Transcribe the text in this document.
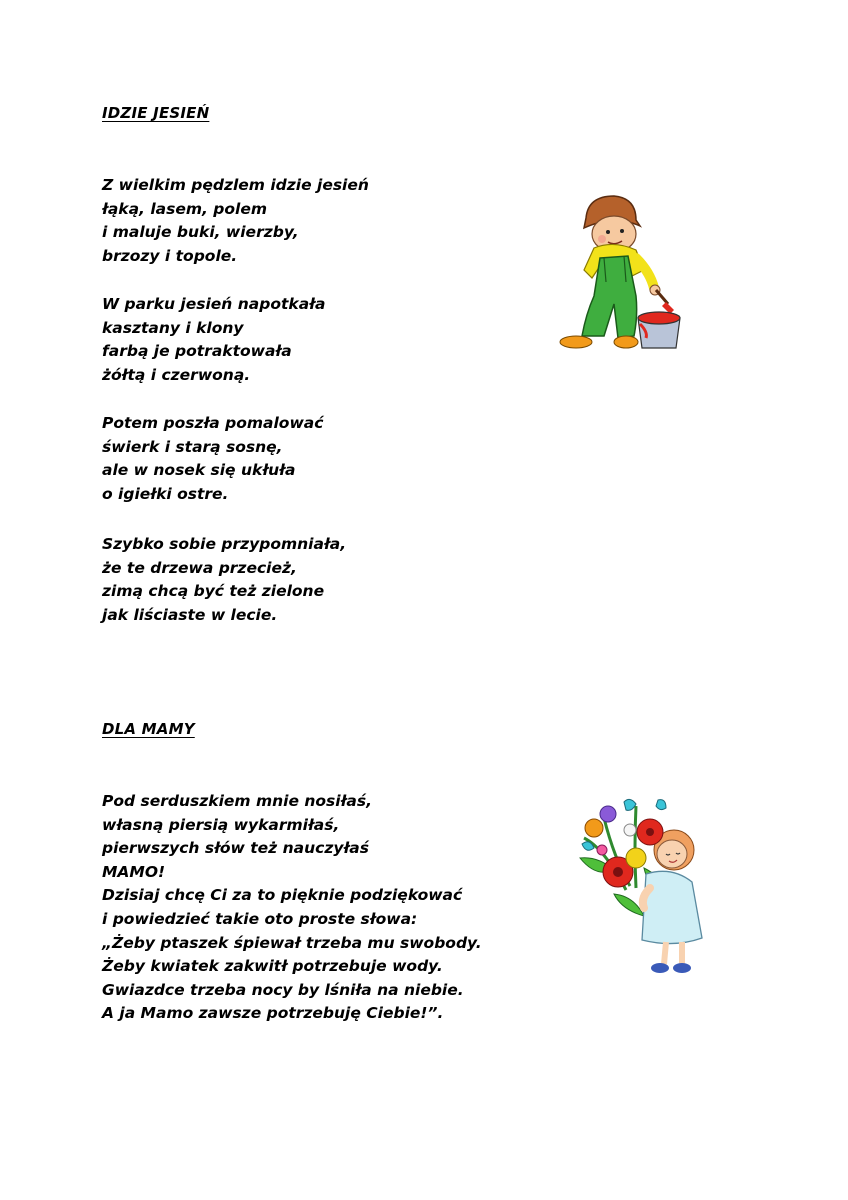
IDZIE JESIEŃ
Z wielkim pędzlem idzie jesień
łąką, lasem, polem
i maluje buki, wierzby,
brzozy i topole.
W parku jesień napotkała
kasztany i klony
farbą je potraktowała
żółtą i czerwoną.
Potem poszła pomalować
świerk i starą sosnę,
ale w nosek się ukłuła
o igiełki ostre.
Szybko sobie przypomniała,
że te drzewa przecież,
zimą chcą być też zielone
jak liściaste w lecie.
DLA MAMY
Pod serduszkiem mnie nosiłaś,
własną piersią wykarmiłaś,
pierwszych słów też nauczyłaś
MAMO!
Dzisiaj chcę Ci za to pięknie podziękować
i powiedzieć takie oto proste słowa:
„Żeby ptaszek śpiewał trzeba mu swobody.
Żeby kwiatek zakwitł potrzebuje wody.
Gwiazdce trzeba nocy by lśniła na niebie.
A ja Mamo zawsze potrzebuję Ciebie!”.
